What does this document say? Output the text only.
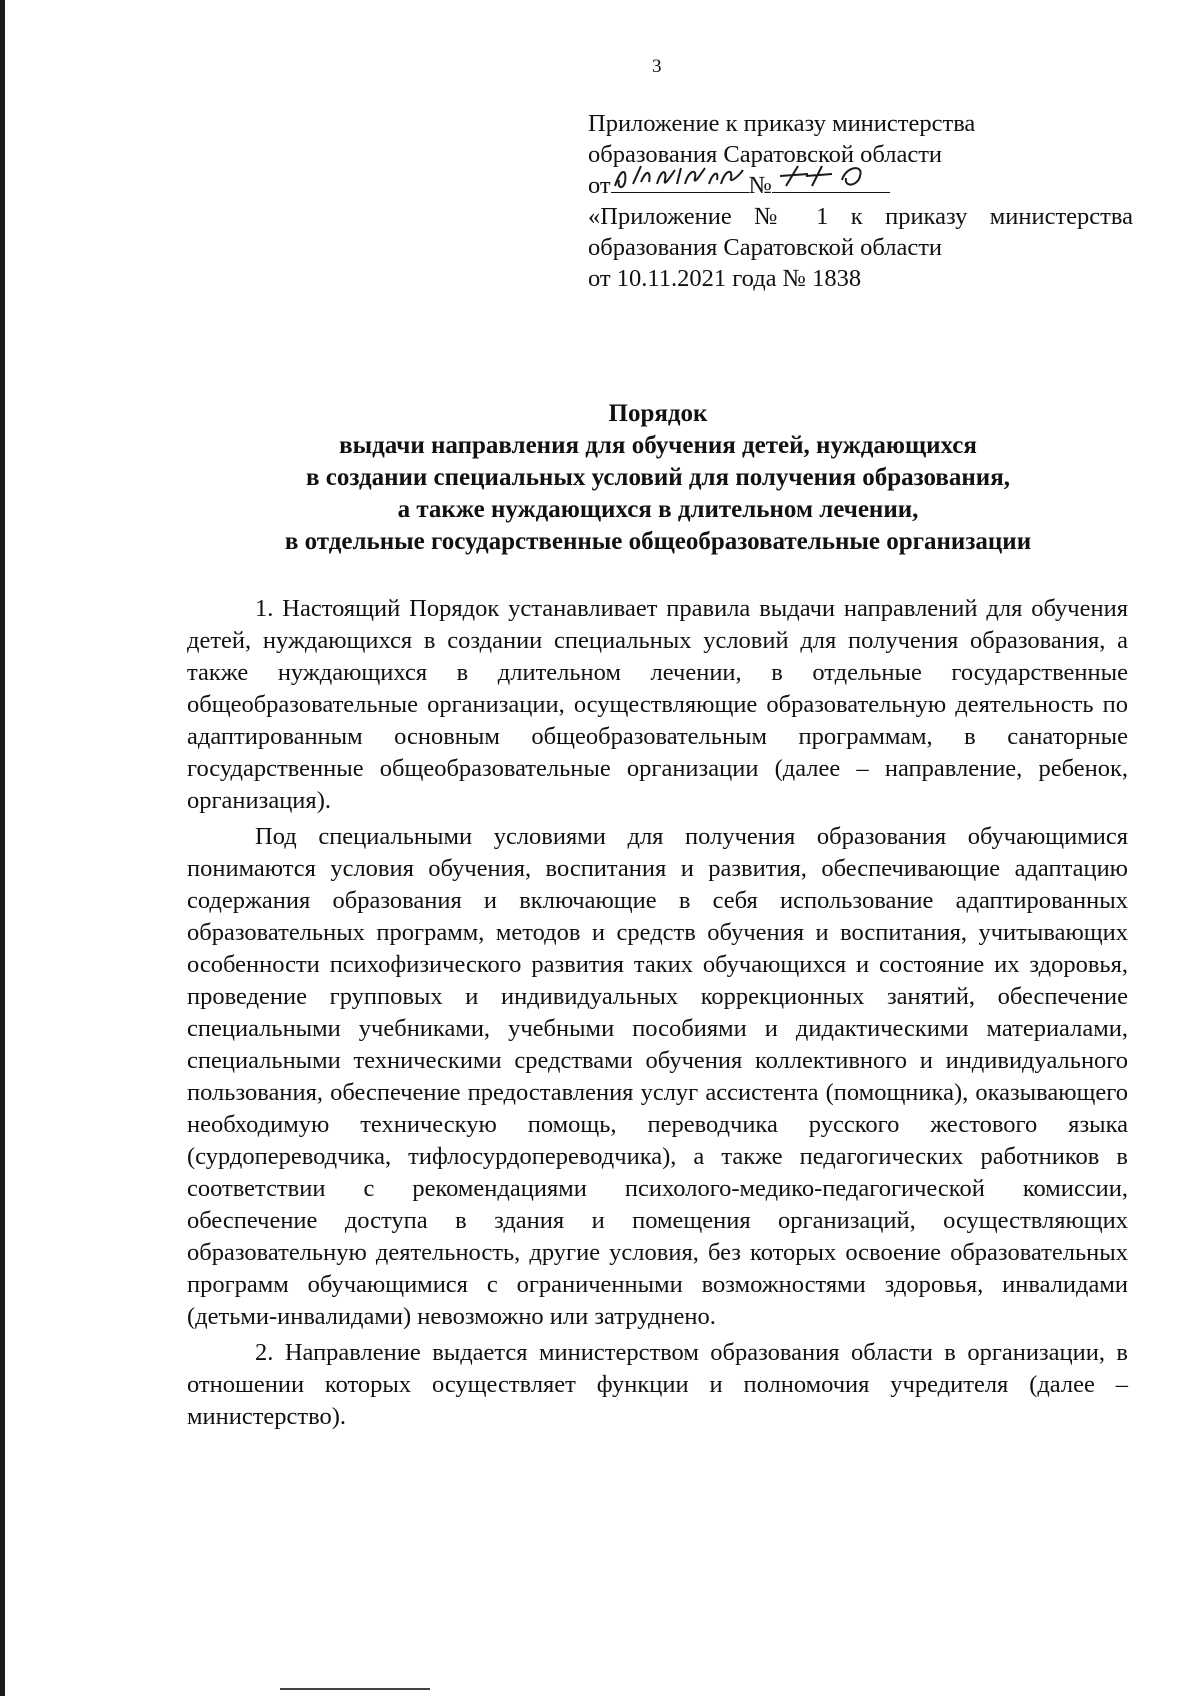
3
Приложение к приказу министерства
образования Саратовской области
от	№
«Приложение № 1 к приказу министерства
образования Саратовской области
от 10.11.2021 года № 1838
Порядок
выдачи направления для обучения детей, нуждающихся
в создании специальных условий для получения образования,
а также нуждающихся в длительном лечении,
в отдельные государственные общеобразовательные организации

1. Настоящий Порядок устанавливает правила выдачи направлений для обучения детей, нуждающихся в создании специальных условий для получения образования, а также нуждающихся в длительном лечении, в отдельные государственные общеобразовательные организации, осуществляющие образовательную деятельность по адаптированным основным общеобразовательным программам, в санаторные государственные общеобразовательные организации (далее – направление, ребенок, организация).

Под специальными условиями для получения образования обучающимися понимаются условия обучения, воспитания и развития, обеспечивающие адаптацию содержания образования и включающие в себя использование адаптированных образовательных программ, методов и средств обучения и воспитания, учитывающих особенности психофизического развития таких обучающихся и состояние их здоровья, проведение групповых и индивидуальных коррекционных занятий, обеспечение специальными учебниками, учебными пособиями и дидактическими материалами, специальными техническими средствами обучения коллективного и индивидуального пользования, обеспечение предоставления услуг ассистента (помощника), оказывающего необходимую техническую помощь, переводчика русского жестового языка (сурдопереводчика, тифлосурдопереводчика), а также педагогических работников в соответствии с рекомендациями психолого-медико-педагогической комиссии, обеспечение доступа в здания и помещения организаций, осуществляющих образовательную деятельность, другие условия, без которых освоение образовательных программ обучающимися с ограниченными возможностями здоровья, инвалидами (детьми-инвалидами) невозможно или затруднено.

2. Направление выдается министерством образования области в организации, в отношении которых осуществляет функции и полномочия учредителя (далее – министерство).
